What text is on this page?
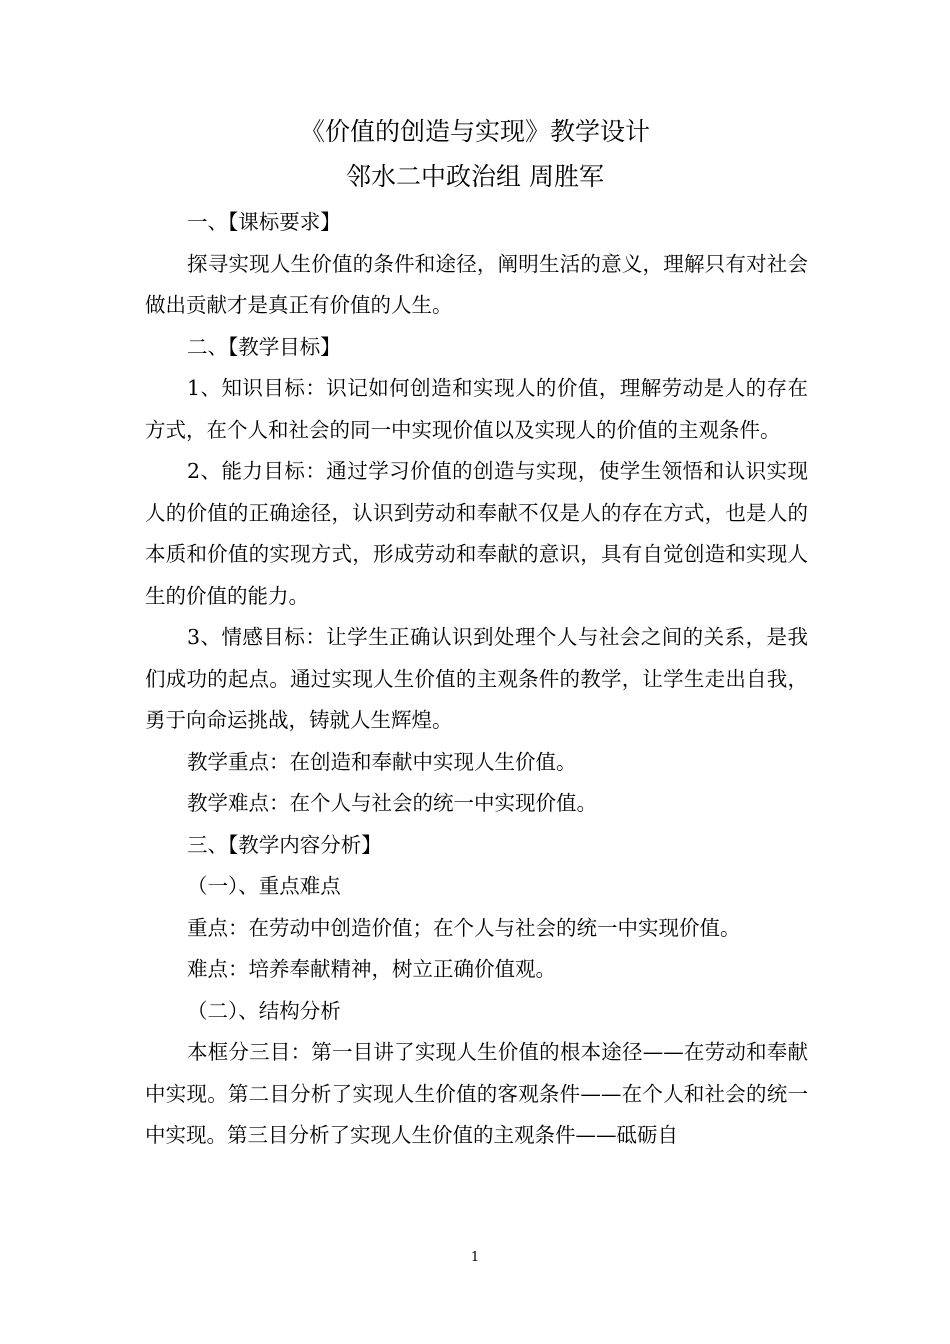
《价值的创造与实现》教学设计
邻水二中政治组 周胜军

一、【课标要求】

探寻实现人生价值的条件和途径，阐明生活的意义，理解只有对社会做出贡献才是真正有价值的人生。

二、【教学目标】

1、知识目标：识记如何创造和实现人的价值，理解劳动是人的存在方式，在个人和社会的同一中实现价值以及实现人的价值的主观条件。

2、能力目标：通过学习价值的创造与实现，使学生领悟和认识实现人的价值的正确途径，认识到劳动和奉献不仅是人的存在方式，也是人的本质和价值的实现方式，形成劳动和奉献的意识，具有自觉创造和实现人生的价值的能力。

3、情感目标：让学生正确认识到处理个人与社会之间的关系，是我们成功的起点。通过实现人生价值的主观条件的教学，让学生走出自我，勇于向命运挑战，铸就人生辉煌。

教学重点：在创造和奉献中实现人生价值。

教学难点：在个人与社会的统一中实现价值。

三、【教学内容分析】

（一）、重点难点

重点：在劳动中创造价值；在个人与社会的统一中实现价值。

难点：培养奉献精神，树立正确价值观。

（二）、结构分析

本框分三目：第一目讲了实现人生价值的根本途径——在劳动和奉献中实现。第二目分析了实现人生价值的客观条件——在个人和社会的统一中实现。第三目分析了实现人生价值的主观条件——砥砺自

1
